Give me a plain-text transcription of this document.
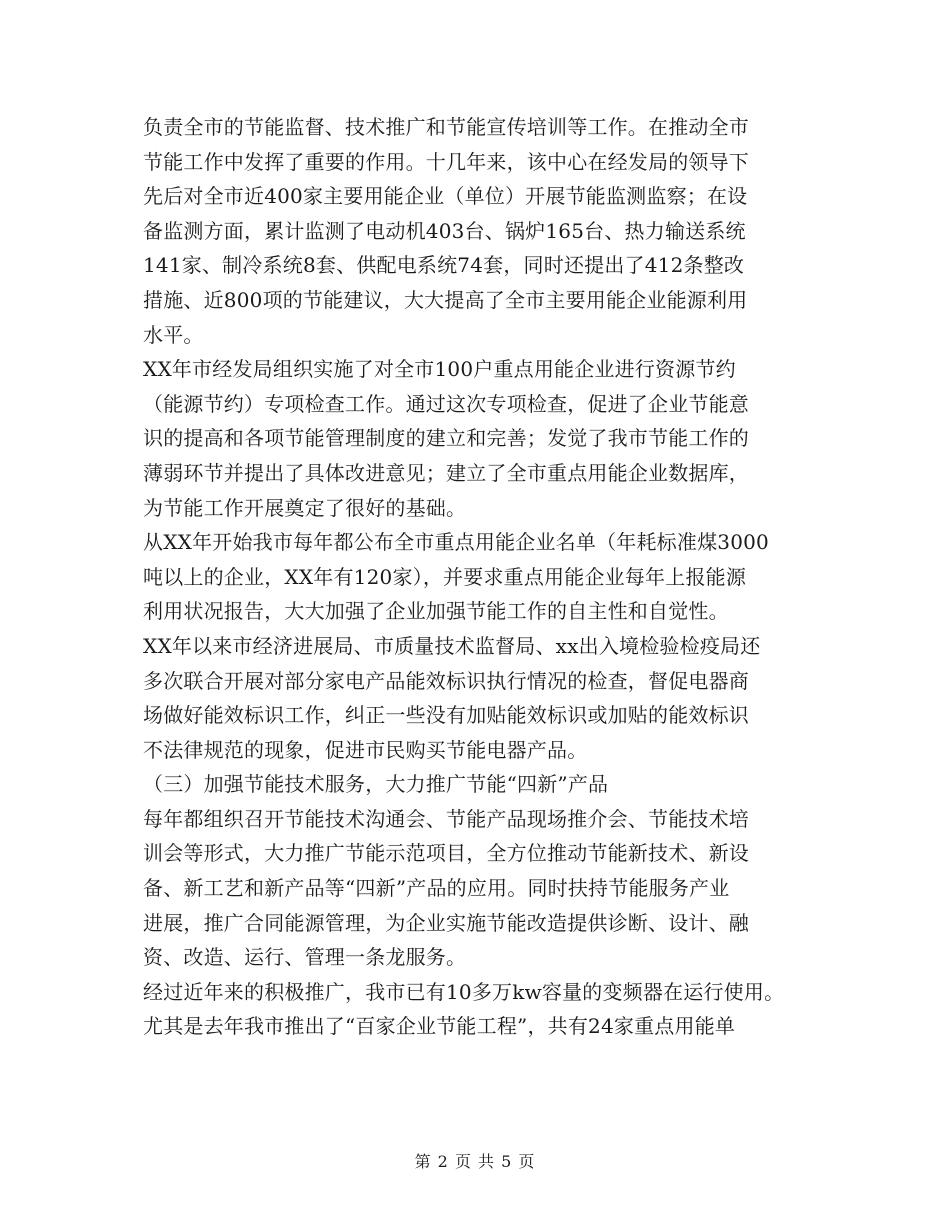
负责全市的节能监督、技术推广和节能宣传培训等工作。在推动全市
节能工作中发挥了重要的作用。十几年来，该中心在经发局的领导下
先后对全市近400家主要用能企业（单位）开展节能监测监察；在设
备监测方面，累计监测了电动机403台、锅炉165台、热力输送系统
141家、制冷系统8套、供配电系统74套，同时还提出了412条整改
措施、近800项的节能建议，大大提高了全市主要用能企业能源利用
水平。
XX年市经发局组织实施了对全市100户重点用能企业进行资源节约
（能源节约）专项检查工作。通过这次专项检查，促进了企业节能意
识的提高和各项节能管理制度的建立和完善；发觉了我市节能工作的
薄弱环节并提出了具体改进意见；建立了全市重点用能企业数据库，
为节能工作开展奠定了很好的基础。
从XX年开始我市每年都公布全市重点用能企业名单（年耗标准煤3000
吨以上的企业，XX年有120家），并要求重点用能企业每年上报能源
利用状况报告，大大加强了企业加强节能工作的自主性和自觉性。
XX年以来市经济进展局、市质量技术监督局、xx出入境检验检疫局还
多次联合开展对部分家电产品能效标识执行情况的检查，督促电器商
场做好能效标识工作，纠正一些没有加贴能效标识或加贴的能效标识
不法律规范的现象，促进市民购买节能电器产品。
（三）加强节能技术服务，大力推广节能“四新”产品
每年都组织召开节能技术沟通会、节能产品现场推介会、节能技术培
训会等形式，大力推广节能示范项目，全方位推动节能新技术、新设
备、新工艺和新产品等“四新”产品的应用。同时扶持节能服务产业
进展，推广合同能源管理，为企业实施节能改造提供诊断、设计、融
资、改造、运行、管理一条龙服务。
经过近年来的积极推广，我市已有10多万kw容量的变频器在运行使用。
尤其是去年我市推出了“百家企业节能工程”，共有24家重点用能单
第 2 页 共 5 页
